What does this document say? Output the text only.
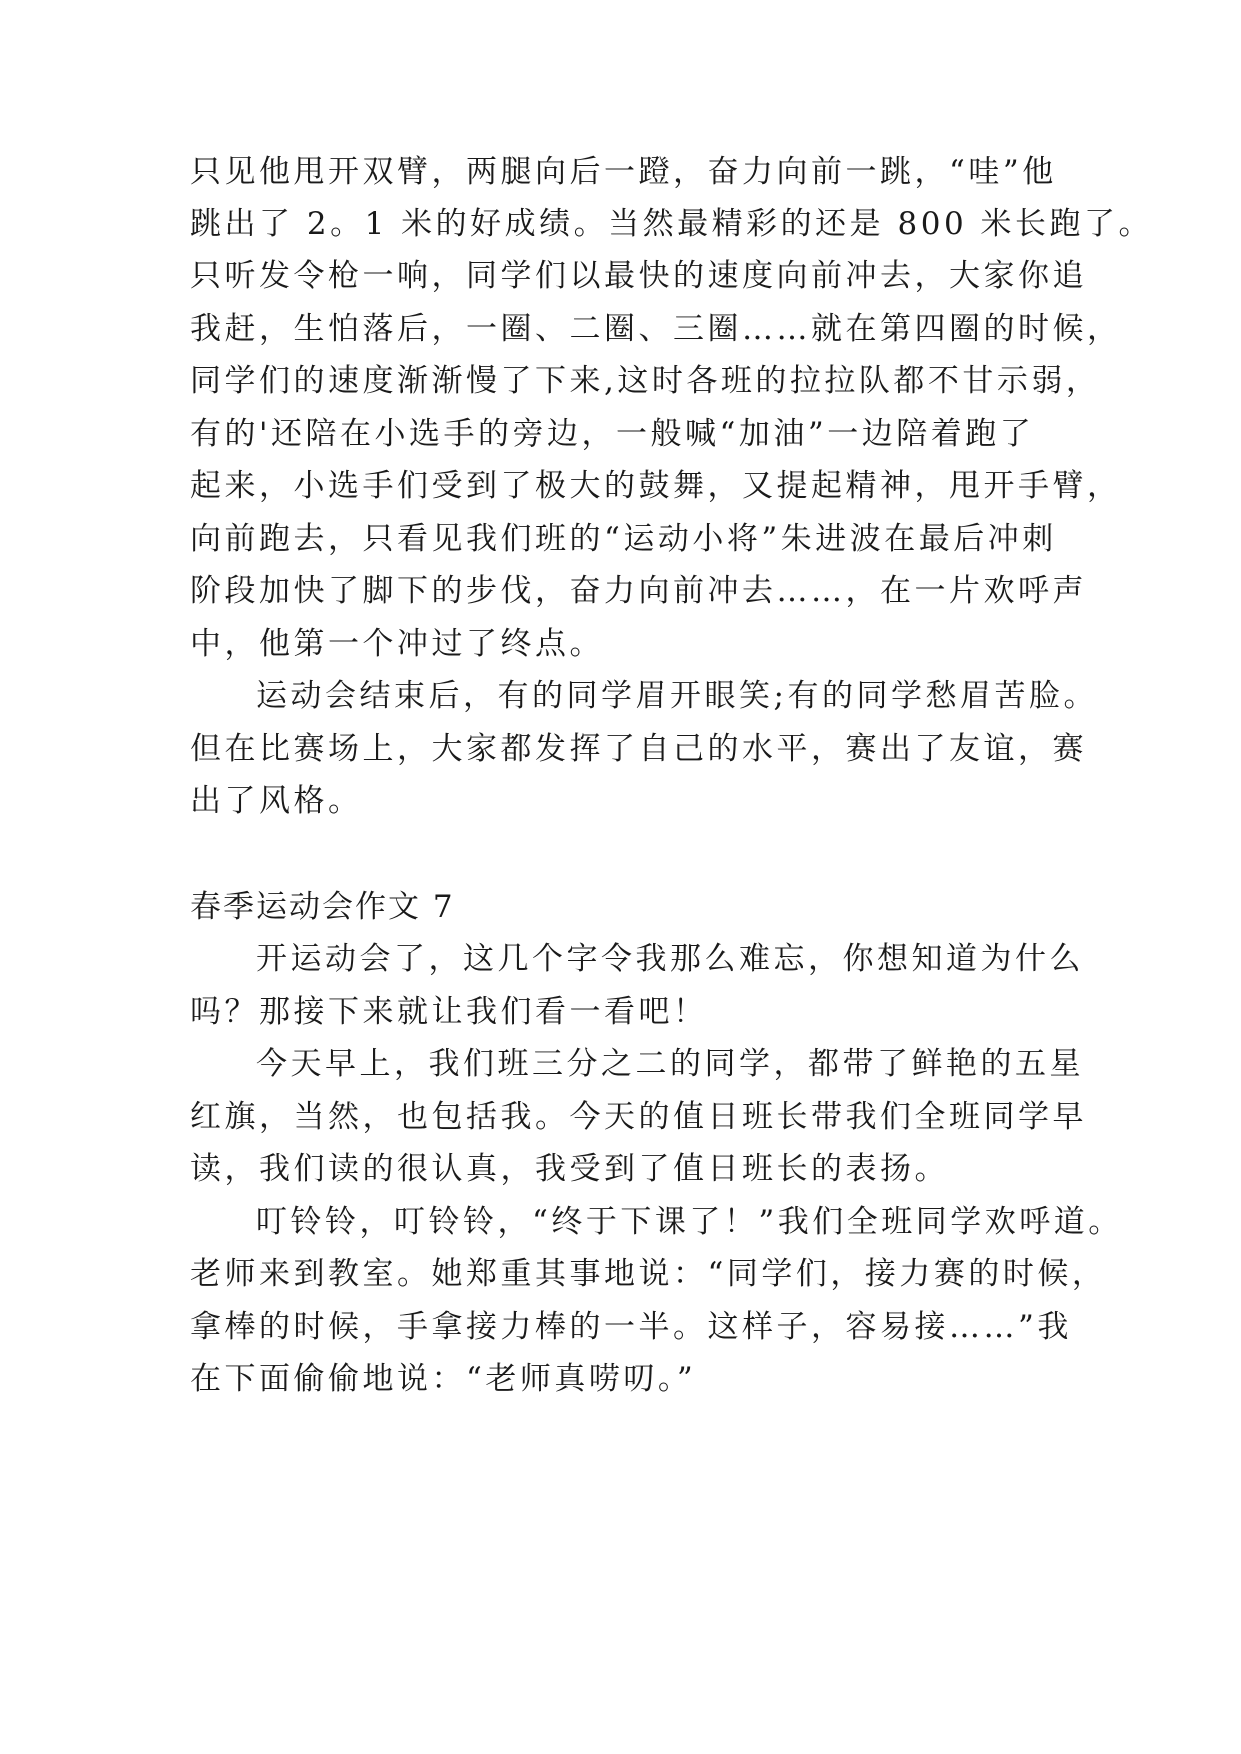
只见他甩开双臂，两腿向后一蹬，奋力向前一跳，“哇”他
跳出了 2。1 米的好成绩。当然最精彩的还是 800 米长跑了。
只听发令枪一响，同学们以最快的速度向前冲去，大家你追
我赶，生怕落后，一圈、二圈、三圈……就在第四圈的时候，
同学们的速度渐渐慢了下来,这时各班的拉拉队都不甘示弱，
有的'还陪在小选手的旁边，一般喊“加油”一边陪着跑了
起来，小选手们受到了极大的鼓舞，又提起精神，甩开手臂，
向前跑去，只看见我们班的“运动小将”朱进波在最后冲刺
阶段加快了脚下的步伐，奋力向前冲去……，在一片欢呼声
中，他第一个冲过了终点。
运动会结束后，有的同学眉开眼笑;有的同学愁眉苦脸。
但在比赛场上，大家都发挥了自己的水平，赛出了友谊，赛
出了风格。
春季运动会作文 7
开运动会了，这几个字令我那么难忘，你想知道为什么
吗？那接下来就让我们看一看吧！
今天早上，我们班三分之二的同学，都带了鲜艳的五星
红旗，当然，也包括我。今天的值日班长带我们全班同学早
读，我们读的很认真，我受到了值日班长的表扬。
叮铃铃，叮铃铃，“终于下课了！”我们全班同学欢呼道。
老师来到教室。她郑重其事地说：“同学们，接力赛的时候，
拿棒的时候，手拿接力棒的一半。这样子，容易接……”我
在下面偷偷地说：“老师真唠叨。”
